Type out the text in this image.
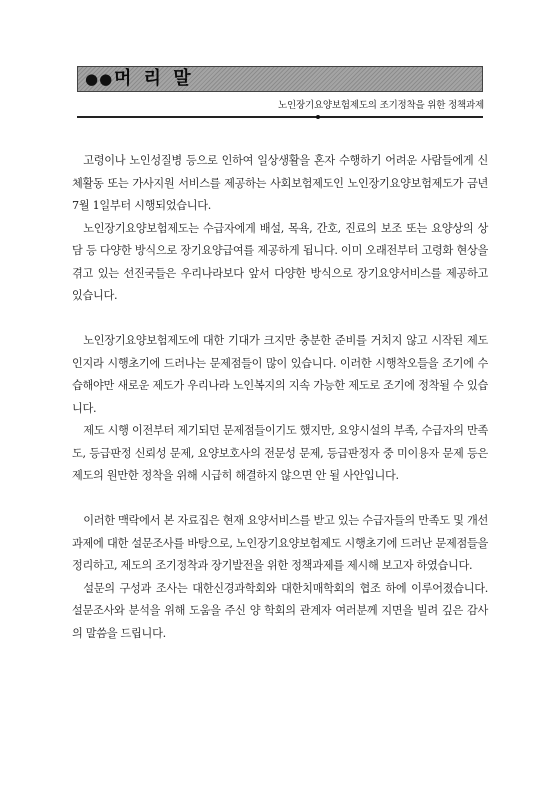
●● 머 리 말
노인장기요양보험제도의 조기정착을 위한 정책과제

고령이나 노인성질병 등으로 인하여 일상생활을 혼자 수행하기 어려운 사람들에게 신체활동 또는 가사지원 서비스를 제공하는 사회보험제도인 노인장기요양보험제도가 금년 7월 1일부터 시행되었습니다.

노인장기요양보험제도는 수급자에게 배설, 목욕, 간호, 진료의 보조 또는 요양상의 상담 등 다양한 방식으로 장기요양급여를 제공하게 됩니다. 이미 오래전부터 고령화 현상을 겪고 있는 선진국들은 우리나라보다 앞서 다양한 방식으로 장기요양서비스를 제공하고 있습니다.

노인장기요양보험제도에 대한 기대가 크지만 충분한 준비를 거치지 않고 시작된 제도인지라 시행초기에 드러나는 문제점들이 많이 있습니다. 이러한 시행착오들을 조기에 수습해야만 새로운 제도가 우리나라 노인복지의 지속 가능한 제도로 조기에 정착될 수 있습니다.

제도 시행 이전부터 제기되던 문제점들이기도 했지만, 요양시설의 부족, 수급자의 만족도, 등급판정 신뢰성 문제, 요양보호사의 전문성 문제, 등급판정자 중 미이용자 문제 등은 제도의 원만한 정착을 위해 시급히 해결하지 않으면 안 될 사안입니다.

이러한 맥락에서 본 자료집은 현재 요양서비스를 받고 있는 수급자들의 만족도 및 개선과제에 대한 설문조사를 바탕으로, 노인장기요양보험제도 시행초기에 드러난 문제점들을 정리하고, 제도의 조기정착과 장기발전을 위한 정책과제를 제시해 보고자 하였습니다.

설문의 구성과 조사는 대한신경과학회와 대한치매학회의 협조 하에 이루어졌습니다. 설문조사와 분석을 위해 도움을 주신 양 학회의 관계자 여러분께 지면을 빌려 깊은 감사의 말씀을 드립니다.
